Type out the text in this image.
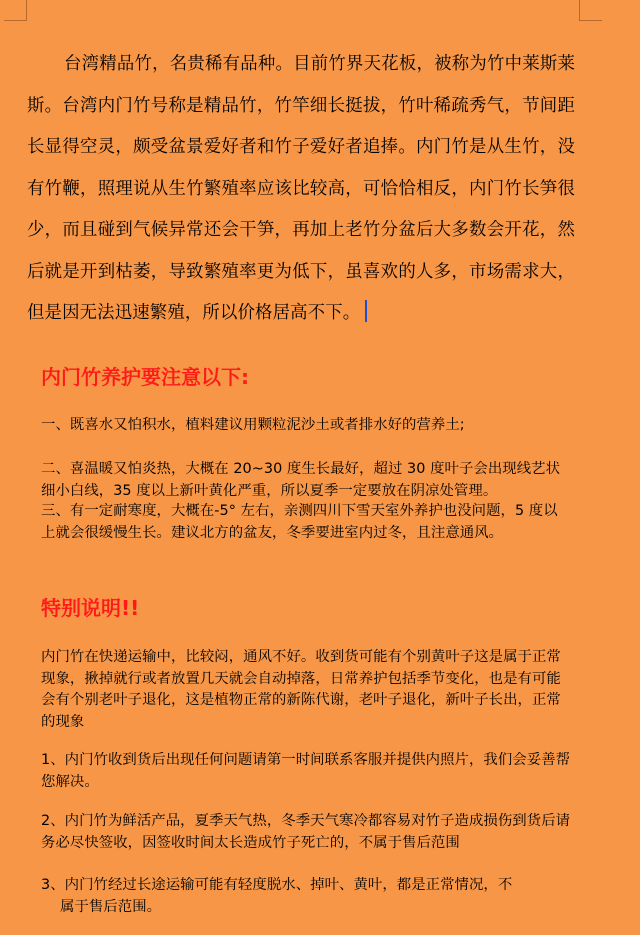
台湾精品竹，名贵稀有品种。目前竹界天花板，被称为竹中莱斯莱斯。台湾内门竹号称是精品竹，竹竿细长挺拔，竹叶稀疏秀气，节间距长显得空灵，颇受盆景爱好者和竹子爱好者追捧。内门竹是从生竹，没有竹鞭，照理说从生竹繁殖率应该比较高，可恰恰相反，内门竹长笋很少，而且碰到气候异常还会干笋，再加上老竹分盆后大多数会开花，然后就是开到枯萎，导致繁殖率更为低下，虽喜欢的人多，市场需求大，但是因无法迅速繁殖，所以价格居高不下。

内门竹养护要注意以下:

一、既喜水又怕积水，植料建议用颗粒泥沙土或者排水好的营养土;

二、喜温暖又怕炎热，大概在 20~30 度生长最好，超过 30 度叶子会出现线艺状细小白线，35 度以上新叶黄化严重，所以夏季一定要放在阴凉处管理。

三、有一定耐寒度，大概在-5° 左右，亲测四川下雪天室外养护也没问题，5 度以上就会很缓慢生长。建议北方的盆友，冬季要进室内过冬，且注意通风。

特别说明!!

内门竹在快递运输中，比较闷，通风不好。收到货可能有个别黄叶子这是属于正常现象，揪掉就行或者放置几天就会自动掉落，日常养护包括季节变化，也是有可能会有个别老叶子退化，这是植物正常的新陈代谢，老叶子退化，新叶子长出，正常的现象

1、内门竹收到货后出现任何问题请第一时间联系客服并提供内照片，我们会妥善帮您解决。

2、内门竹为鲜活产品，夏季天气热，冬季天气寒冷都容易对竹子造成损伤到货后请务必尽快签收，因签收时间太长造成竹子死亡的，不属于售后范围

3、内门竹经过长途运输可能有轻度脱水、掉叶、黄叶，都是正常情况，不
属于售后范围。
